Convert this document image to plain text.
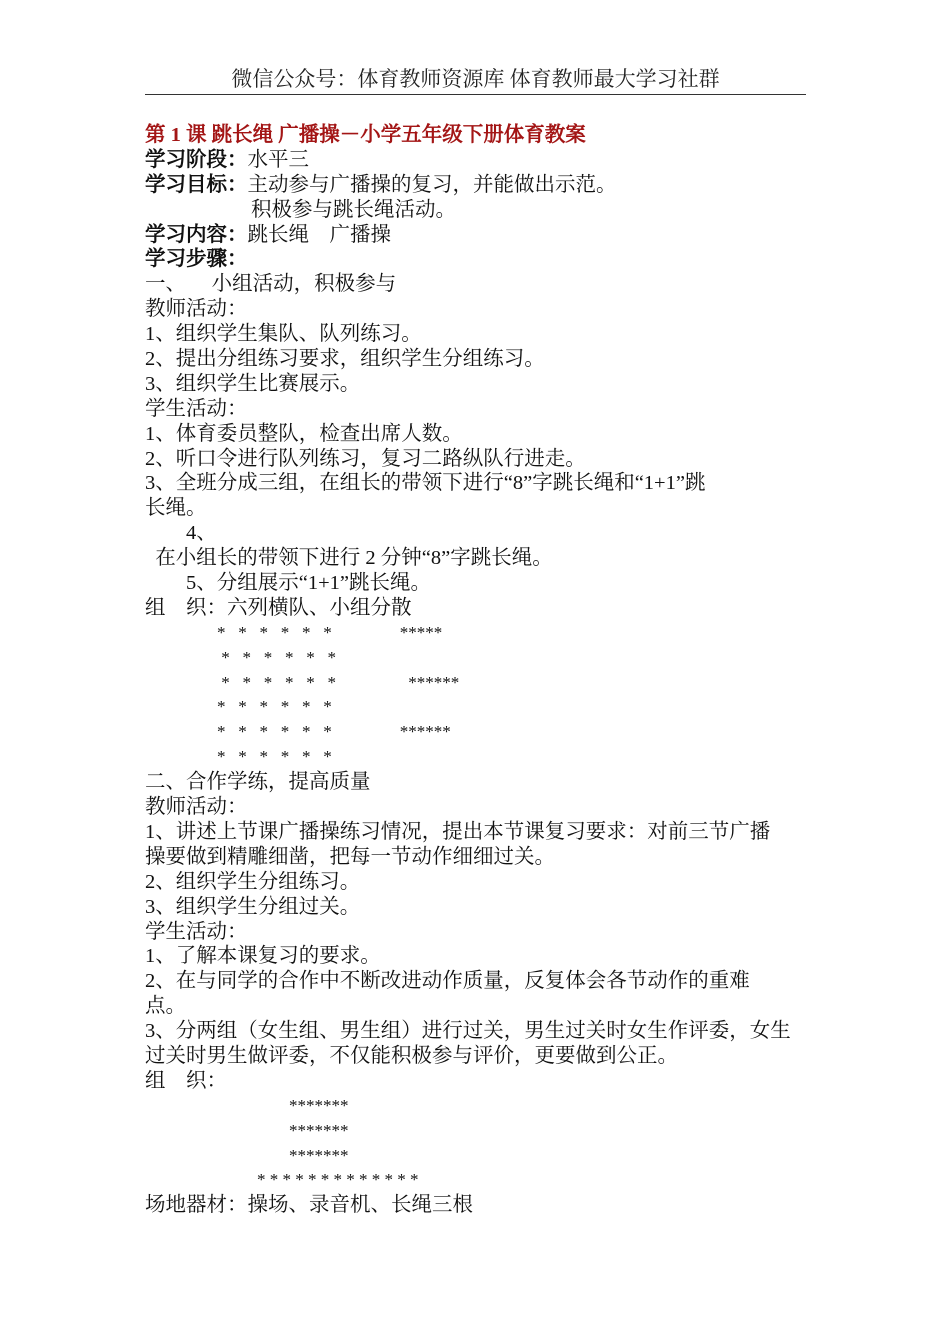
微信公众号：体育教师资源库 体育教师最大学习社群
第 1 课 跳长绳 广播操－小学五年级下册体育教案
学习阶段：水平三
学习目标：主动参与广播操的复习，并能做出示范。
积极参与跳长绳活动。
学习内容：跳长绳    广播操
学习步骤：
一、     小组活动，积极参与
教师活动：
1、组织学生集队、队列练习。
2、提出分组练习要求，组织学生分组练习。
3、组织学生比赛展示。
学生活动：
1、体育委员整队，检查出席人数。
2、听口令进行队列练习，复习二路纵队行进走。
3、全班分成三组，在组长的带领下进行“8”字跳长绳和“1+1”跳
长绳。
4、
在小组长的带领下进行 2 分钟“8”字跳长绳。
5、分组展示“1+1”跳长绳。
组    织：六列横队、小组分散
*   *   *   *   *   *                *****
*   *   *   *   *   *
*   *   *   *   *   *                 ******
*   *   *   *   *   *
*   *   *   *   *   *                ******
*   *   *   *   *   *
二、合作学练，提高质量
教师活动：
1、讲述上节课广播操练习情况，提出本节课复习要求：对前三节广播
操要做到精雕细凿，把每一节动作细细过关。
2、组织学生分组练习。
3、组织学生分组过关。
学生活动：
1、了解本课复习的要求。
2、在与同学的合作中不断改进动作质量，反复体会各节动作的重难
点。
3、分两组（女生组、男生组）进行过关，男生过关时女生作评委，女生
过关时男生做评委，不仅能积极参与评价，更要做到公正。
组    织：
*******
*******
*******
* * * * * * * * * * * * *
场地器材：操场、录音机、长绳三根
